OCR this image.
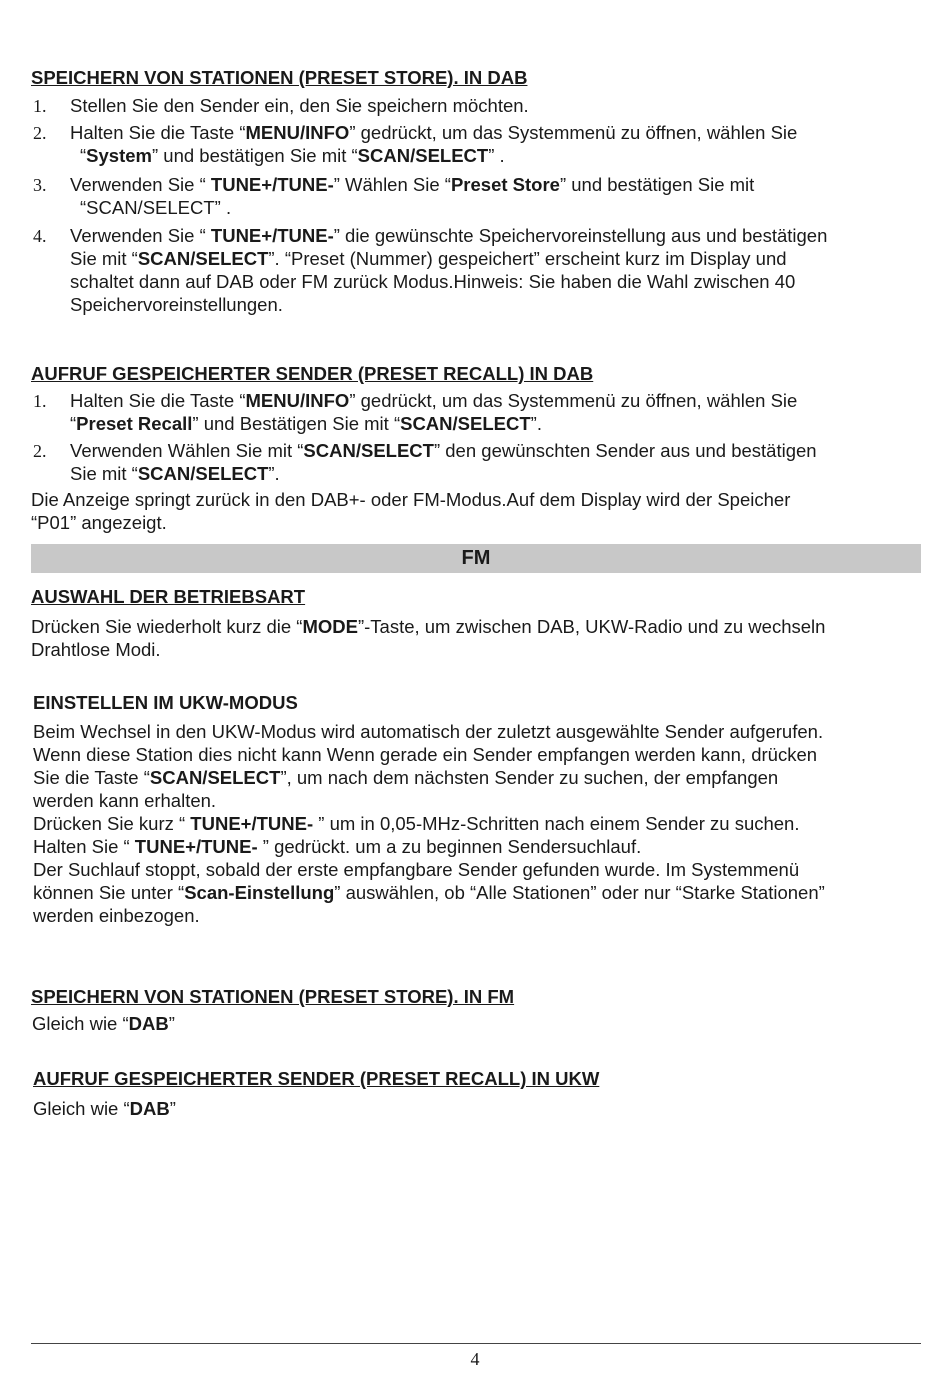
SPEICHERN VON STATIONEN (PRESET STORE). IN DAB
1. Stellen Sie den Sender ein, den Sie speichern möchten.
2. Halten Sie die Taste “MENU/INFO” gedrückt, um das Systemmenü zu öffnen, wählen Sie

“System” und bestätigen Sie mit “SCAN/SELECT” .

3. Verwenden Sie “ TUNE+/TUNE-” Wählen Sie “Preset Store” und bestätigen Sie mit

“SCAN/SELECT” .

4. Verwenden Sie “ TUNE+/TUNE-” die gewünschte Speichervoreinstellung aus und bestätigen

Sie mit “SCAN/SELECT”. “Preset (Nummer) gespeichert” erscheint kurz im Display und

schaltet dann auf DAB oder FM zurück Modus.Hinweis: Sie haben die Wahl zwischen 40

Speichervoreinstellungen.

AUFRUF GESPEICHERTER SENDER (PRESET RECALL) IN DAB
1. Halten Sie die Taste “MENU/INFO” gedrückt, um das Systemmenü zu öffnen, wählen Sie

“Preset Recall” und Bestätigen Sie mit “SCAN/SELECT”.

2. Verwenden Wählen Sie mit “SCAN/SELECT” den gewünschten Sender aus und bestätigen

Sie mit “SCAN/SELECT”.

Die Anzeige springt zurück in den DAB+- oder FM-Modus.Auf dem Display wird der Speicher

“P01” angezeigt.

FM
AUSWAHL DER BETRIEBSART

Drücken Sie wiederholt kurz die “MODE”-Taste, um zwischen DAB, UKW-Radio und zu wechseln

Drahtlose Modi.

EINSTELLEN IM UKW-MODUS

Beim Wechsel in den UKW-Modus wird automatisch der zuletzt ausgewählte Sender aufgerufen.

Wenn diese Station dies nicht kann Wenn gerade ein Sender empfangen werden kann, drücken

Sie die Taste “SCAN/SELECT”, um nach dem nächsten Sender zu suchen, der empfangen

werden kann erhalten.

Drücken Sie kurz “ TUNE+/TUNE- ” um in 0,05-MHz-Schritten nach einem Sender zu suchen.

Halten Sie “ TUNE+/TUNE- ” gedrückt. um a zu beginnen Sendersuchlauf.

Der Suchlauf stoppt, sobald der erste empfangbare Sender gefunden wurde. Im Systemmenü

können Sie unter “Scan-Einstellung” auswählen, ob “Alle Stationen” oder nur “Starke Stationen”

werden einbezogen.

SPEICHERN VON STATIONEN (PRESET STORE). IN FM
Gleich wie “DAB”
AUFRUF GESPEICHERTER SENDER (PRESET RECALL) IN UKW
Gleich wie “DAB”
4
